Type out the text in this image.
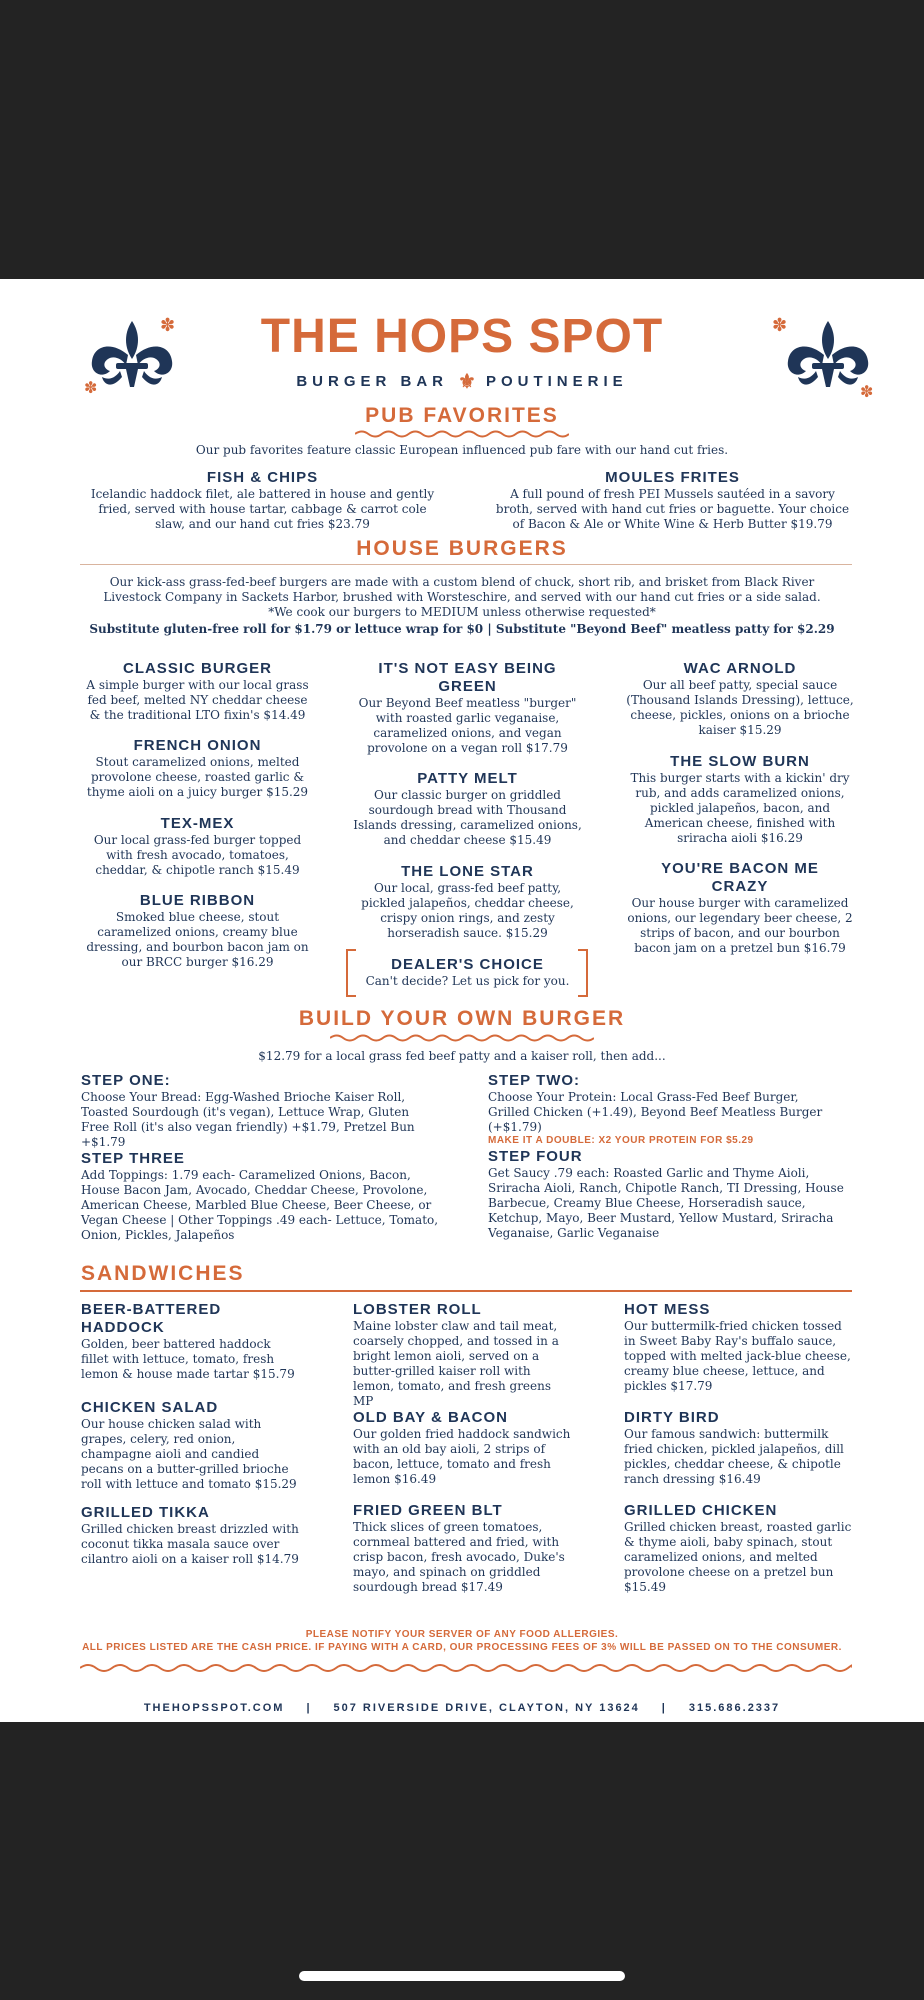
✽
✽
✽
✽
THE HOPS SPOT
BURGER BAR ⚜ POUTINERIE
PUB FAVORITES
Our pub favorites feature classic European influenced pub fare with our hand cut fries.
FISH & CHIPS
Icelandic haddock filet, ale battered in house and gently fried, served with house tartar, cabbage & carrot cole slaw, and our hand cut fries $23.79
MOULES FRITES
A full pound of fresh PEI Mussels sautéed in a savory broth, served with hand cut fries or baguette. Your choice of Bacon & Ale or White Wine & Herb Butter $19.79
HOUSE BURGERS
Our kick-ass grass-fed-beef burgers are made with a custom blend of chuck, short rib, and brisket from Black River
Livestock Company in Sackets Harbor, brushed with Worsteschire, and served with our hand cut fries or a side salad.
*We cook our burgers to MEDIUM unless otherwise requested*
Substitute gluten-free roll for $1.79 or lettuce wrap for $0 | Substitute "Beyond Beef" meatless patty for $2.29
CLASSIC BURGER
A simple burger with our local grass fed beef, melted NY cheddar cheese & the traditional LTO fixin's $14.49
FRENCH ONION
Stout caramelized onions, melted provolone cheese, roasted garlic & thyme aioli on a juicy burger $15.29
TEX-MEX
Our local grass-fed burger topped with fresh avocado, tomatoes, cheddar, & chipotle ranch $15.49
BLUE RIBBON
Smoked blue cheese, stout caramelized onions, creamy blue dressing, and bourbon bacon jam on our BRCC burger $16.29
IT'S NOT EASY BEING GREEN
Our Beyond Beef meatless "burger" with roasted garlic veganaise, caramelized onions, and vegan provolone on a vegan roll $17.79
PATTY MELT
Our classic burger on griddled sourdough bread with Thousand Islands dressing, caramelized onions, and cheddar cheese $15.49
THE LONE STAR
Our local, grass-fed beef patty, pickled jalapeños, cheddar cheese, crispy onion rings, and zesty horseradish sauce. $15.29
DEALER'S CHOICE
Can't decide? Let us pick for you.
WAC ARNOLD
Our all beef patty, special sauce (Thousand Islands Dressing), lettuce, cheese, pickles, onions on a brioche kaiser $15.29
THE SLOW BURN
This burger starts with a kickin' dry rub, and adds caramelized onions, pickled jalapeños, bacon, and American cheese, finished with sriracha aioli $16.29
YOU'RE BACON ME CRAZY
Our house burger with caramelized onions, our legendary beer cheese, 2 strips of bacon, and our bourbon bacon jam on a pretzel bun $16.79
BUILD YOUR OWN BURGER
$12.79 for a local grass fed beef patty and a kaiser roll, then add...
STEP ONE:
Choose Your Bread: Egg-Washed Brioche Kaiser Roll, Toasted Sourdough (it's vegan), Lettuce Wrap, Gluten Free Roll (it's also vegan friendly) +$1.79, Pretzel Bun +$1.79
STEP TWO:
Choose Your Protein: Local Grass-Fed Beef Burger, Grilled Chicken (+1.49), Beyond Beef Meatless Burger (+$1.79)
MAKE IT A DOUBLE: X2 YOUR PROTEIN FOR $5.29
STEP THREE
Add Toppings: 1.79 each- Caramelized Onions, Bacon, House Bacon Jam, Avocado, Cheddar Cheese, Provolone, American Cheese, Marbled Blue Cheese, Beer Cheese, or Vegan Cheese | Other Toppings .49 each- Lettuce, Tomato, Onion, Pickles, Jalapeños
STEP FOUR
Get Saucy .79 each: Roasted Garlic and Thyme Aioli, Sriracha Aioli, Ranch, Chipotle Ranch, TI Dressing, House Barbecue, Creamy Blue Cheese, Horseradish sauce, Ketchup, Mayo, Beer Mustard, Yellow Mustard, Sriracha Veganaise, Garlic Veganaise
SANDWICHES
BEER-BATTERED HADDOCK
Golden, beer battered haddock fillet with lettuce, tomato, fresh lemon & house made tartar $15.79
CHICKEN SALAD
Our house chicken salad with grapes, celery, red onion, champagne aioli and candied pecans on a butter-grilled brioche roll with lettuce and tomato $15.29
GRILLED TIKKA
Grilled chicken breast drizzled with coconut tikka masala sauce over cilantro aioli on a kaiser roll $14.79
LOBSTER ROLL
Maine lobster claw and tail meat, coarsely chopped, and tossed in a bright lemon aioli, served on a butter-grilled kaiser roll with lemon, tomato, and fresh greens MP
OLD BAY & BACON
Our golden fried haddock sandwich with an old bay aioli, 2 strips of bacon, lettuce, tomato and fresh lemon $16.49
FRIED GREEN BLT
Thick slices of green tomatoes, cornmeal battered and fried, with crisp bacon, fresh avocado, Duke's mayo, and spinach on griddled sourdough bread $17.49
HOT MESS
Our buttermilk-fried chicken tossed in Sweet Baby Ray's buffalo sauce, topped with melted jack-blue cheese, creamy blue cheese, lettuce, and pickles $17.79
DIRTY BIRD
Our famous sandwich: buttermilk fried chicken, pickled jalapeños, dill pickles, cheddar cheese, & chipotle ranch dressing $16.49
GRILLED CHICKEN
Grilled chicken breast, roasted garlic & thyme aioli, baby spinach, stout caramelized onions, and melted provolone cheese on a pretzel bun $15.49
PLEASE NOTIFY YOUR SERVER OF ANY FOOD ALLERGIES.
ALL PRICES LISTED ARE THE CASH PRICE. IF PAYING WITH A CARD, OUR PROCESSING FEES OF 3% WILL BE PASSED ON TO THE CONSUMER.
THEHOPSSPOT.COM | 507 RIVERSIDE DRIVE, CLAYTON, NY 13624 | 315.686.2337
